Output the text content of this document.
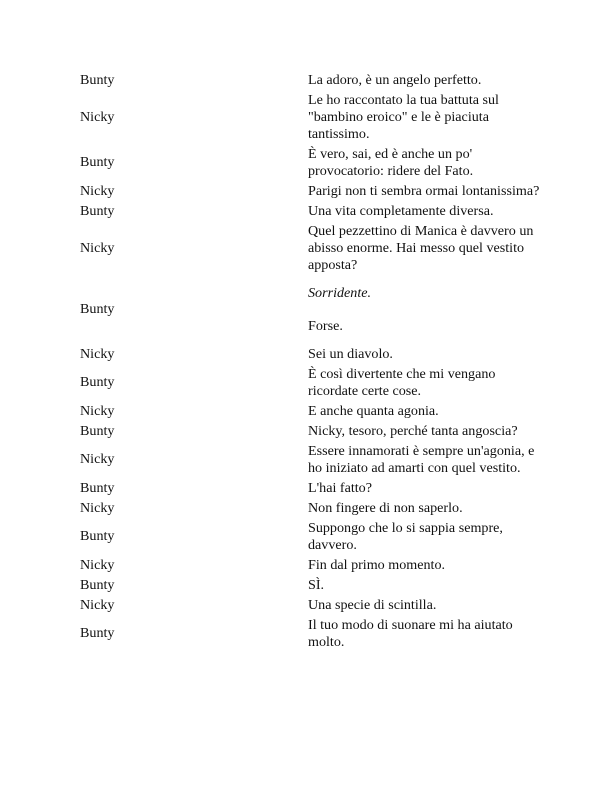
Bunty	La adoro, è un angelo perfetto.

Nicky	Le ho raccontato la tua battuta sul "bambino eroico" e le è piaciuta tantissimo.

Bunty	È vero, sai, ed è anche un po' provocatorio: ridere del Fato.

Nicky	Parigi non ti sembra ormai lontanissima?

Bunty	Una vita completamente diversa.

Nicky	Quel pezzettino di Manica è davvero un abisso enorme. Hai messo quel vestito apposta?

Bunty	Sorridente.
Forse.

Nicky	Sei un diavolo.

Bunty	È così divertente che mi vengano ricordate certe cose.

Nicky	E anche quanta agonia.

Bunty	Nicky, tesoro, perché tanta angoscia?

Nicky	Essere innamorati è sempre un'agonia, e ho iniziato ad amarti con quel vestito.

Bunty	L'hai fatto?

Nicky	Non fingere di non saperlo.

Bunty	Suppongo che lo si sappia sempre, davvero.

Nicky	Fin dal primo momento.

Bunty	SÌ.

Nicky	Una specie di scintilla.

Bunty	Il tuo modo di suonare mi ha aiutato molto.
